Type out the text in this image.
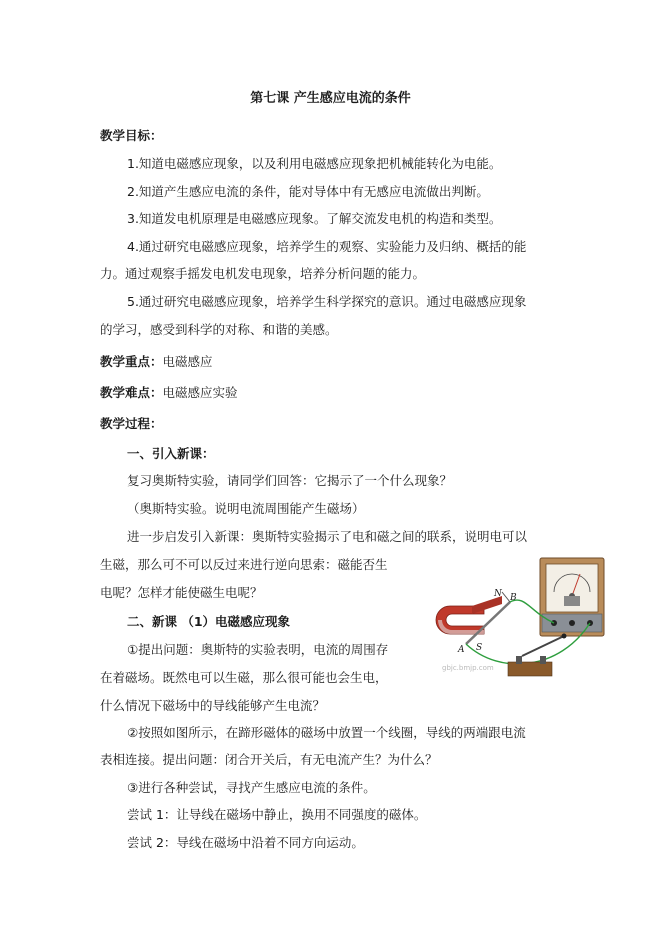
第七课 产生感应电流的条件
教学目标：
1.知道电磁感应现象，以及利用电磁感应现象把机械能转化为电能。
2.知道产生感应电流的条件，能对导体中有无感应电流做出判断。
3.知道发电机原理是电磁感应现象。了解交流发电机的构造和类型。
4.通过研究电磁感应现象，培养学生的观察、实验能力及归纳、概括的能
力。通过观察手摇发电机发电现象，培养分析问题的能力。
5.通过研究电磁感应现象，培养学生科学探究的意识。通过电磁感应现象
的学习，感受到科学的对称、和谐的美感。
教学重点：电磁感应
教学难点：电磁感应实验
教学过程：
一、引入新课：
复习奥斯特实验，请同学们回答：它揭示了一个什么现象？
（奥斯特实验。说明电流周围能产生磁场）
进一步启发引入新课：奥斯特实验揭示了电和磁之间的联系，说明电可以
生磁，那么可不可以反过来进行逆向思索：磁能否生
电呢？怎样才能使磁生电呢？
二、新课 （1）电磁感应现象
①提出问题：奥斯特的实验表明，电流的周围存
在着磁场。既然电可以生磁，那么很可能也会生电，
什么情况下磁场中的导线能够产生电流？
②按照如图所示，在蹄形磁体的磁场中放置一个线圈，导线的两端跟电流
表相连接。提出问题：闭合开关后，有无电流产生？为什么？
③进行各种尝试，寻找产生感应电流的条件。
尝试 1：让导线在磁场中静止，换用不同强度的磁体。
尝试 2：导线在磁场中沿着不同方向运动。
N
S
A
B
gbjc.bmjp.com
